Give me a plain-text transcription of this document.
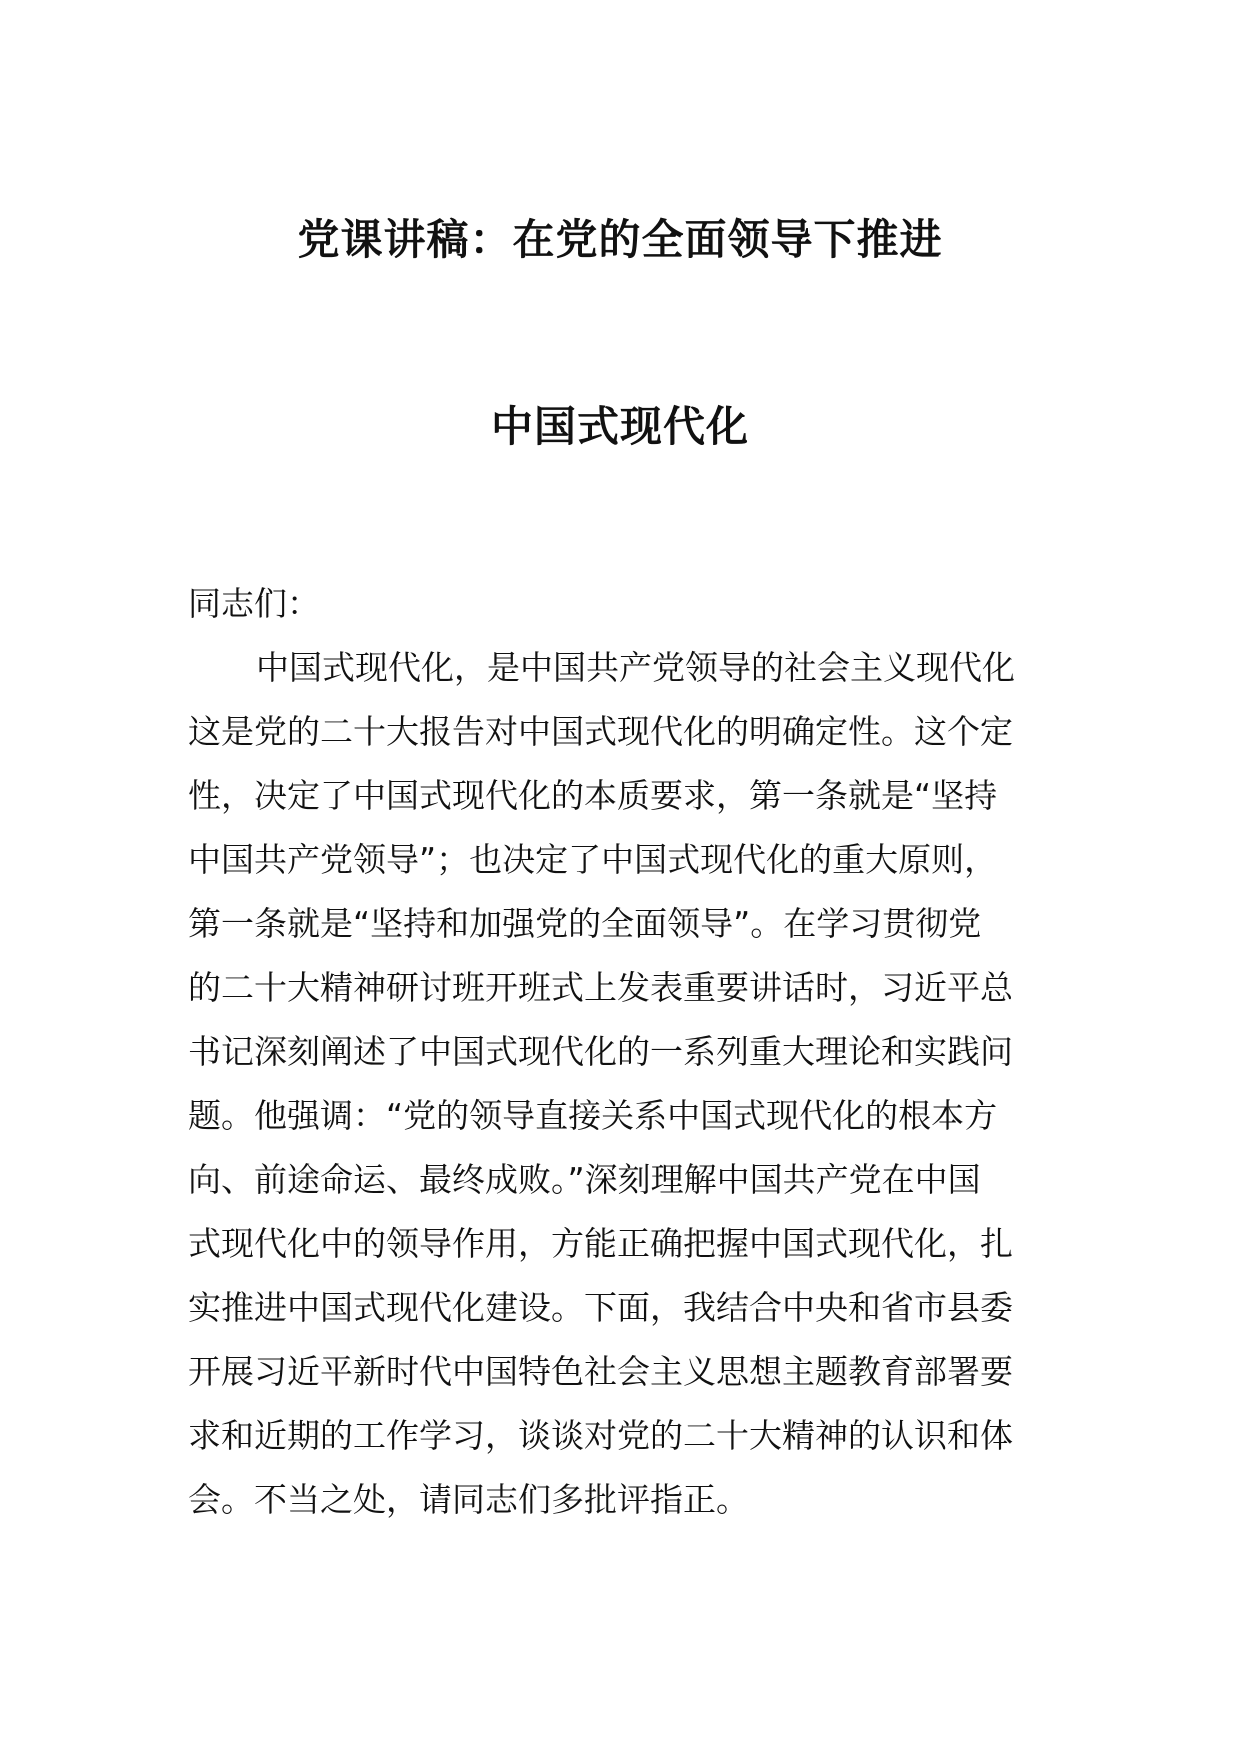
党课讲稿：在党的全面领导下推进
中国式现代化
同志们：
中国式现代化，是中国共产党领导的社会主义现代化
这是党的二十大报告对中国式现代化的明确定性。这个定
性，决定了中国式现代化的本质要求，第一条就是“坚持
中国共产党领导”；也决定了中国式现代化的重大原则，
第一条就是“坚持和加强党的全面领导”。在学习贯彻党
的二十大精神研讨班开班式上发表重要讲话时，习近平总
书记深刻阐述了中国式现代化的一系列重大理论和实践问
题。他强调：“党的领导直接关系中国式现代化的根本方
向、前途命运、最终成败。”深刻理解中国共产党在中国
式现代化中的领导作用，方能正确把握中国式现代化，扎
实推进中国式现代化建设。下面，我结合中央和省市县委
开展习近平新时代中国特色社会主义思想主题教育部署要
求和近期的工作学习，谈谈对党的二十大精神的认识和体
会。不当之处，请同志们多批评指正。
